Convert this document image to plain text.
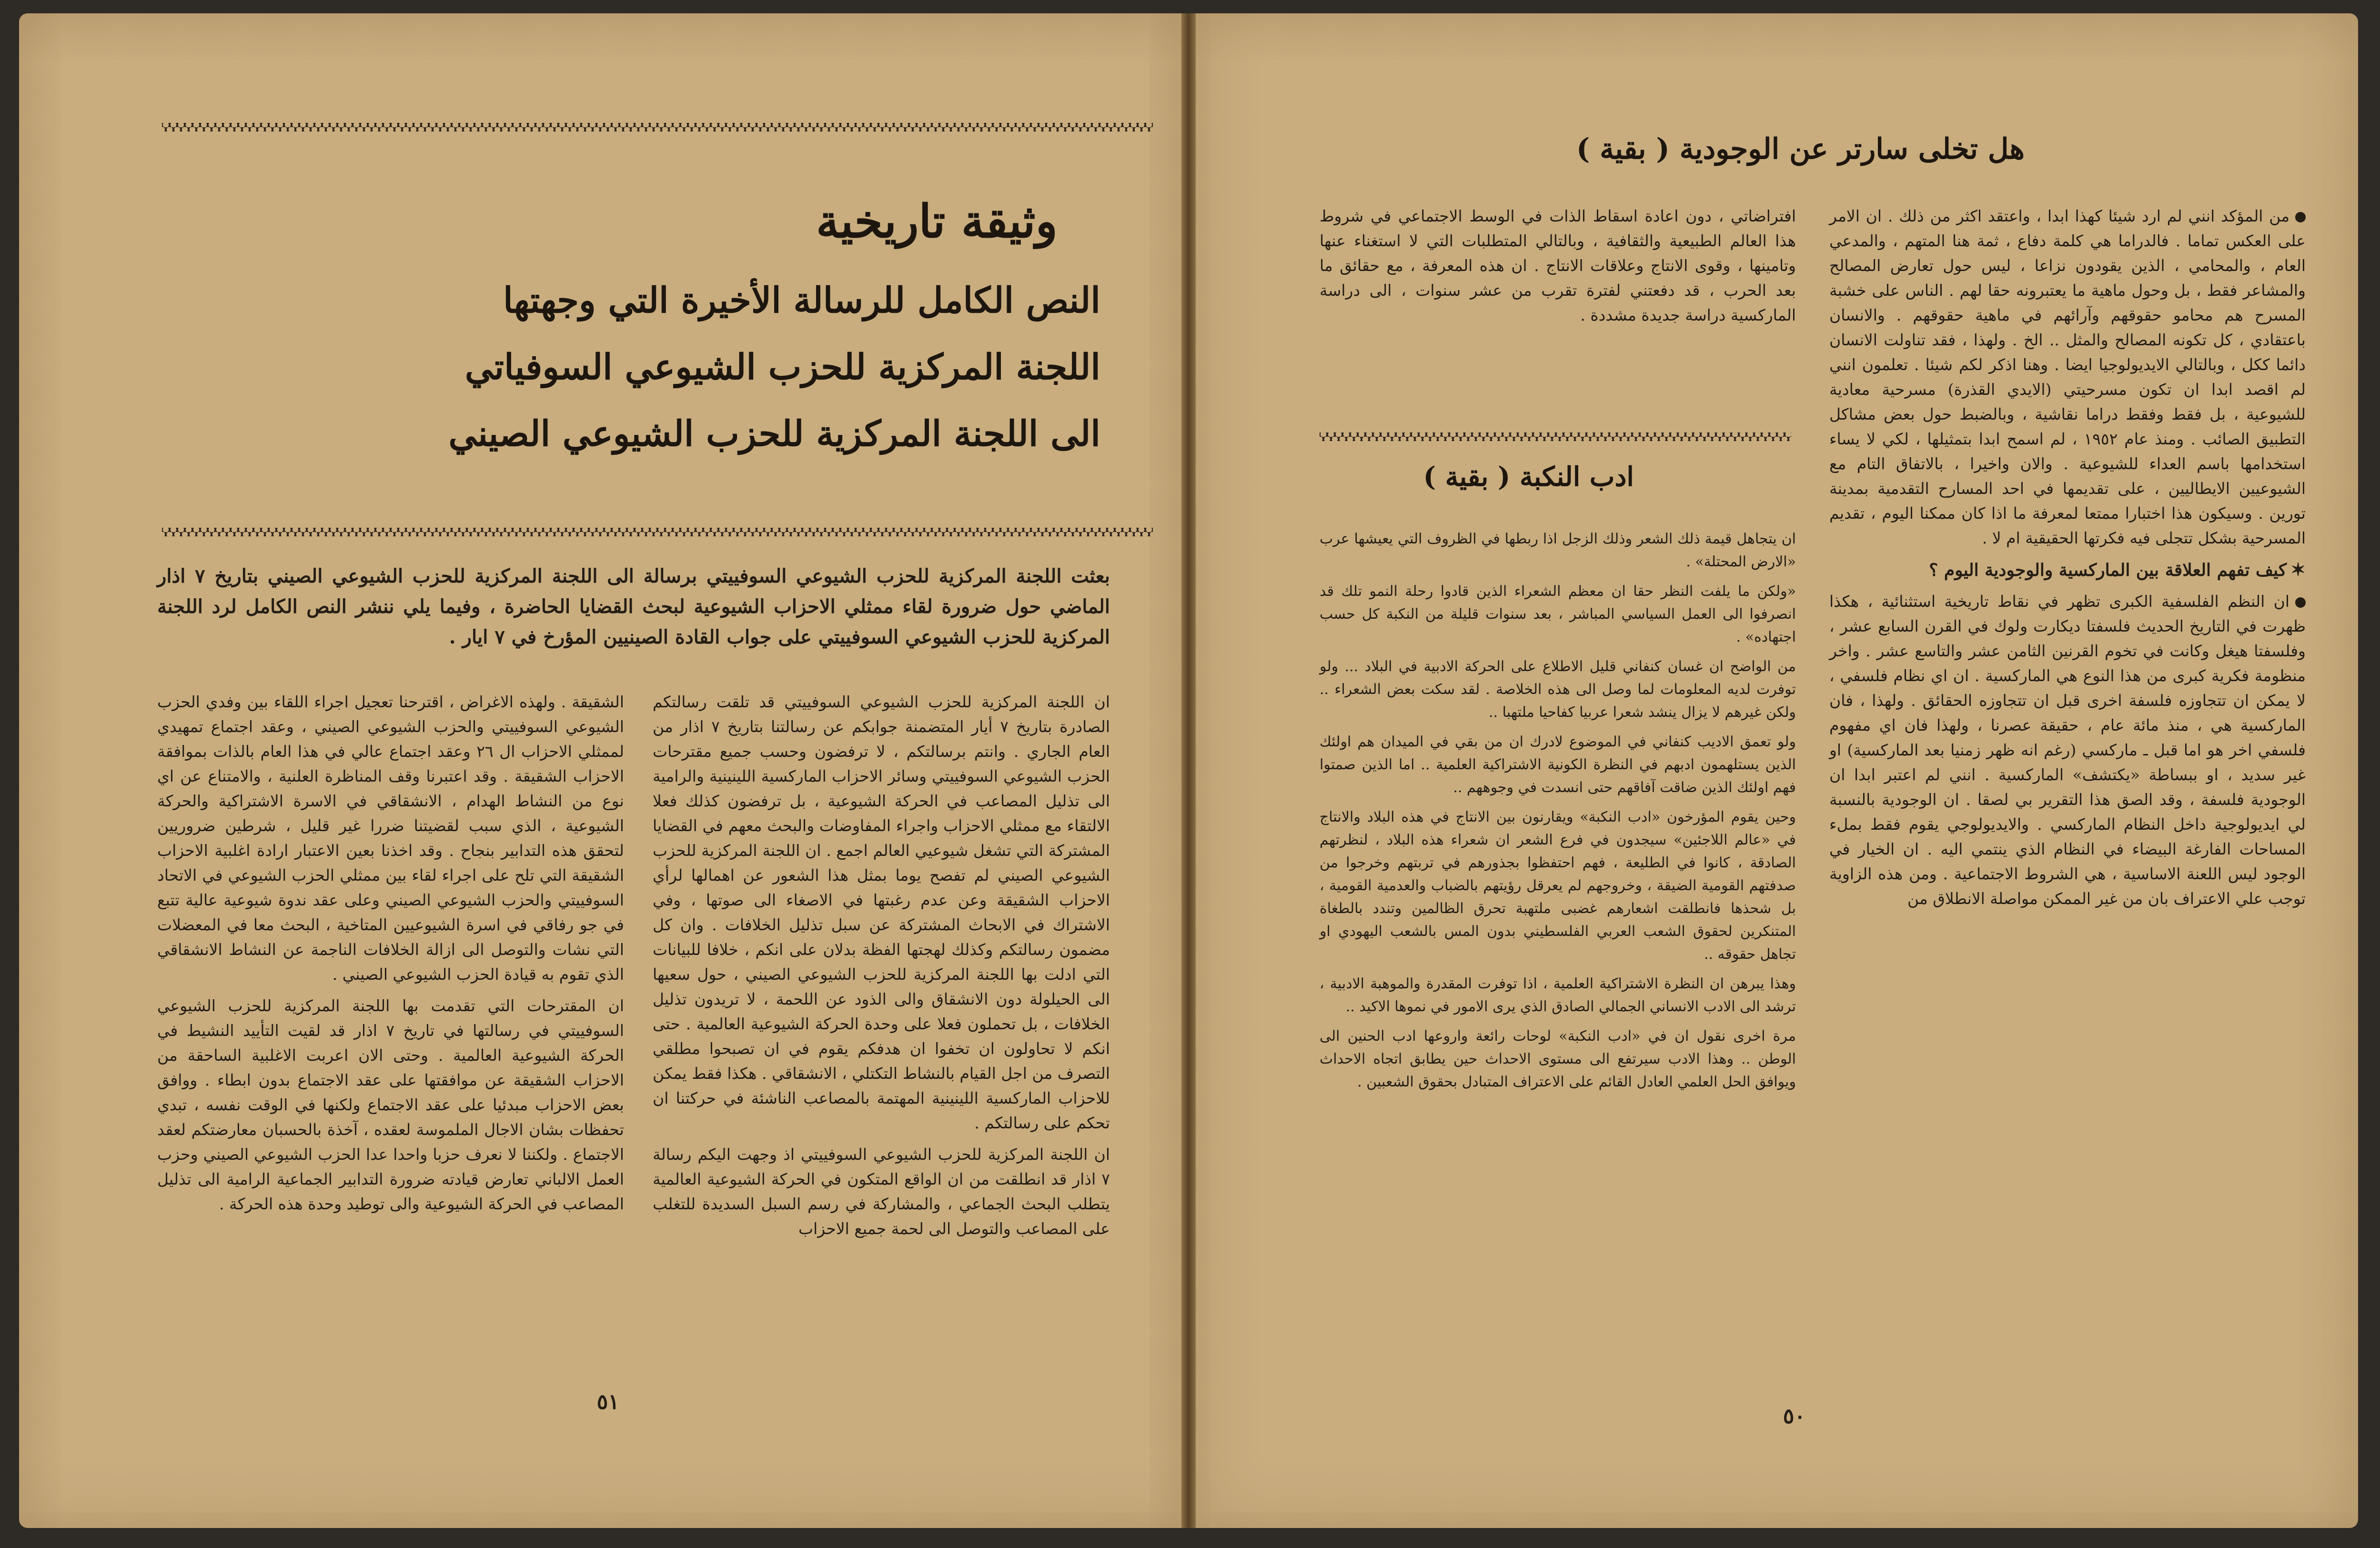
وثيقة تاريخية
النص الكامل للرسالة الأخيرة التي وجهتها
اللجنة المركزية للحزب الشيوعي السوفياتي
الى اللجنة المركزية للحزب الشيوعي الصيني
بعثت اللجنة المركزية للحزب الشيوعي السوفييتي برسالة الى اللجنة المركزية للحزب الشيوعي الصيني بتاريخ ٧ اذار الماضي حول ضرورة لقاء ممثلي الاحزاب الشيوعية لبحث القضايا الحاضرة ، وفيما يلي ننشر النص الكامل لرد اللجنة المركزية للحزب الشيوعي السوفييتي على جواب القادة الصينيين المؤرخ في ٧ ايار .

ان اللجنة المركزية للحزب الشيوعي السوفييتي قد تلقت رسالتكم الصادرة بتاريخ ٧ أيار المتضمنة جوابكم عن رسالتنا بتاريخ ٧ اذار من العام الجاري . وانتم برسالتكم ، لا ترفضون وحسب جميع مقترحات الحزب الشيوعي السوفييتي وسائر الاحزاب الماركسية اللينينية والرامية الى تذليل المصاعب في الحركة الشيوعية ، بل ترفضون كذلك فعلا الالتقاء مع ممثلي الاحزاب واجراء المفاوضات والبحث معهم في القضايا المشتركة التي تشغل شيوعيي العالم اجمع . ان اللجنة المركزية للحزب الشيوعي الصيني لم تفصح يوما بمثل هذا الشعور عن اهمالها لرأي الاحزاب الشقيقة وعن عدم رغبتها في الاصغاء الى صوتها ، وفي الاشتراك في الابحاث المشتركة عن سبل تذليل الخلافات . وان كل مضمون رسالتكم وكذلك لهجتها الفظة بدلان على انكم ، خلافا للبيانات التي ادلت بها اللجنة المركزية للحزب الشيوعي الصيني ، حول سعيها الى الحيلولة دون الانشقاق والى الذود عن اللحمة ، لا تريدون تذليل الخلافات ، بل تحملون فعلا على وحدة الحركة الشيوعية العالمية . حتى انكم لا تحاولون ان تخفوا ان هدفكم يقوم في ان تصبحوا مطلقي التصرف من اجل القيام بالنشاط التكتلي ، الانشقاقي . هكذا فقط يمكن للاحزاب الماركسية اللينينية المهتمة بالمصاعب الناشئة في حركتنا ان تحكم على رسالتكم .

ان اللجنة المركزية للحزب الشيوعي السوفييتي اذ وجهت اليكم رسالة ٧ اذار قد انطلقت من ان الواقع المتكون في الحركة الشيوعية العالمية يتطلب البحث الجماعي ، والمشاركة في رسم السبل السديدة للتغلب على المصاعب والتوصل الى لحمة جميع الاحزاب

الشقيقة . ولهذه الاغراض ، اقترحنا تعجيل اجراء اللقاء بين وفدي الحزب الشيوعي السوفييتي والحزب الشيوعي الصيني ، وعقد اجتماع تمهيدي لممثلي الاحزاب ال ٢٦ وعقد اجتماع عالي في هذا العام بالذات بموافقة الاحزاب الشقيقة . وقد اعتبرنا وقف المناظرة العلنية ، والامتناع عن اي نوع من النشاط الهدام ، الانشقاقي في الاسرة الاشتراكية والحركة الشيوعية ، الذي سبب لقضيتنا ضررا غير قليل ، شرطين ضروريين لتحقق هذه التدابير بنجاح . وقد اخذنا بعين الاعتبار ارادة اغلبية الاحزاب الشقيقة التي تلح على اجراء لقاء بين ممثلي الحزب الشيوعي في الاتحاد السوفييتي والحزب الشيوعي الصيني وعلى عقد ندوة شيوعية عالية تتبع في جو رفاقي في اسرة الشيوعيين المتاخية ، البحث معا في المعضلات التي نشات والتوصل الى ازالة الخلافات الناجمة عن النشاط الانشقاقي الذي تقوم به قيادة الحزب الشيوعي الصيني .

ان المقترحات التي تقدمت بها اللجنة المركزية للحزب الشيوعي السوفييتي في رسالتها في تاريخ ٧ اذار قد لقيت التأييد النشيط في الحركة الشيوعية العالمية . وحتى الان اعربت الاغلبية الساحقة من الاحزاب الشقيقة عن موافقتها على عقد الاجتماع بدون ابطاء . ووافق بعض الاحزاب مبدئيا على عقد الاجتماع ولكنها في الوقت نفسه ، تبدي تحفظات بشان الاجال الملموسة لعقده ، آخذة بالحسبان معارضتكم لعقد الاجتماع . ولكننا لا نعرف حزبا واحدا عدا الحزب الشيوعي الصيني وحزب العمل الالباني تعارض قيادته ضرورة التدابير الجماعية الرامية الى تذليل المصاعب في الحركة الشيوعية والى توطيد وحدة هذه الحركة .

٥١
هل تخلى سارتر عن الوجودية ( بقية )

من المؤكد انني لم ارد شيئا كهذا ابدا ، واعتقد اكثر من ذلك . ان الامر على العكس تماما . فالدراما هي كلمة دفاع ، ثمة هنا المتهم ، والمدعي العام ، والمحامي ، الذين يقودون نزاعا ، ليس حول تعارض المصالح والمشاعر فقط ، بل وحول ماهية ما يعتبرونه حقا لهم . الناس على خشبة المسرح هم محامو حقوقهم وآرائهم في ماهية حقوقهم . والانسان باعتقادي ، كل تكونه المصالح والمثل .. الخ . ولهذا ، فقد تناولت الانسان دائما ككل ، وبالتالي الايديولوجيا ايضا . وهنا اذكر لكم شيئا . تعلمون انني لم اقصد ابدا ان تكون مسرحيتي (الايدي القذرة) مسرحية معادية للشيوعية ، بل فقط وفقط دراما نقاشية ، وبالضبط حول بعض مشاكل التطبيق الصائب . ومنذ عام ١٩٥٢ ، لم اسمح ابدا بتمثيلها ، لكي لا يساء استخدامها باسم العداء للشيوعية . والان واخيرا ، بالاتفاق التام مع الشيوعيين الايطاليين ، على تقديمها في احد المسارح التقدمية بمدينة تورين . وسيكون هذا اختبارا ممتعا لمعرفة ما اذا كان ممكنا اليوم ، تقديم المسرحية بشكل تتجلى فيه فكرتها الحقيقية ام لا .

✶كيف تفهم العلاقة بين الماركسية والوجودية اليوم ؟

ان النظم الفلسفية الكبرى تظهر في نقاط تاريخية استثنائية ، هكذا ظهرت في التاريخ الحديث فلسفتا ديكارت ولوك في القرن السابع عشر ، وفلسفتا هيغل وكانت في تخوم القرنين الثامن عشر والتاسع عشر . واخر منظومة فكرية كبرى من هذا النوع هي الماركسية . ان اي نظام فلسفي ، لا يمكن ان تتجاوزه فلسفة اخرى قبل ان تتجاوزه الحقائق . ولهذا ، فان الماركسية هي ، منذ مائة عام ، حقيقة عصرنا ، ولهذا فان اي مفهوم فلسفي اخر هو اما قبل ـ ماركسي (رغم انه ظهر زمنيا بعد الماركسية) او غير سديد ، او ببساطة «يكتشف» الماركسية . انني لم اعتبر ابدا ان الوجودية فلسفة ، وقد الصق هذا التقرير بي لصقا . ان الوجودية بالنسبة لي ايديولوجية داخل النظام الماركسي . والايديولوجي يقوم فقط بملء المساحات الفارغة البيضاء في النظام الذي ينتمي اليه . ان الخيار في الوجود ليس اللعنة الاساسية ، هي الشروط الاجتماعية . ومن هذه الزاوية توجب علي الاعتراف بان من غير الممكن مواصلة الانطلاق من

افتراضاتي ، دون اعادة اسقاط الذات في الوسط الاجتماعي في شروط هذا العالم الطبيعية والثقافية ، وبالتالي المتطلبات التي لا استغناء عنها وتامينها ، وقوى الانتاج وعلاقات الانتاج . ان هذه المعرفة ، مع حقائق ما بعد الحرب ، قد دفعتني لفترة تقرب من عشر سنوات ، الى دراسة الماركسية دراسة جديدة مشددة .
ادب النكبة ( بقية )

ان يتجاهل قيمة ذلك الشعر وذلك الزجل اذا ربطها في الظروف التي يعيشها عرب «الارض المحتلة» .

«ولكن ما يلفت النظر حقا ان معظم الشعراء الذين قادوا رحلة النمو تلك قد انصرفوا الى العمل السياسي المباشر ، بعد سنوات قليلة من النكبة كل حسب اجتهاده» .

من الواضح ان غسان كنفاني قليل الاطلاع على الحركة الادبية في البلاد ... ولو توفرت لديه المعلومات لما وصل الى هذه الخلاصة . لقد سكت بعض الشعراء .. ولكن غيرهم لا يزال ينشد شعرا عربيا كفاحيا ملتهبا ..

ولو تعمق الاديب كنفاني في الموضوع لادرك ان من بقي في الميدان هم اولئك الذين يستلهمون ادبهم في النظرة الكونية الاشتراكية العلمية .. اما الذين صمتوا فهم اولئك الذين ضاقت آفاقهم حتى انسدت في وجوههم ..

وحين يقوم المؤرخون «ادب النكبة» ويقارنون بين الانتاج في هذه البلاد والانتاج في «عالم اللاجئين» سيجدون في فرع الشعر ان شعراء هذه البلاد ، لنظرتهم الصادقة ، كانوا في الطليعة ، فهم احتفظوا بجذورهم في تربتهم وخرجوا من صدفتهم القومية الضيقة ، وخروجهم لم يعرقل رؤيتهم بالضباب والعدمية القومية ، بل شحذها فانطلقت اشعارهم غضبى ملتهبة تحرق الظالمين وتندد بالطغاة المتنكرين لحقوق الشعب العربي الفلسطيني بدون المس بالشعب اليهودي او تجاهل حقوقه ..

وهذا يبرهن ان النظرة الاشتراكية العلمية ، اذا توفرت المقدرة والموهبة الادبية ، ترشد الى الادب الانساني الجمالي الصادق الذي يرى الامور في نموها الاكيد ..

مرة اخرى نقول ان في «ادب النكبة» لوحات رائعة واروعها ادب الحنين الى الوطن .. وهذا الادب سيرتفع الى مستوى الاحداث حين يطابق اتجاه الاحداث ويوافق الحل العلمي العادل القائم على الاعتراف المتبادل بحقوق الشعبين .

٥٠
